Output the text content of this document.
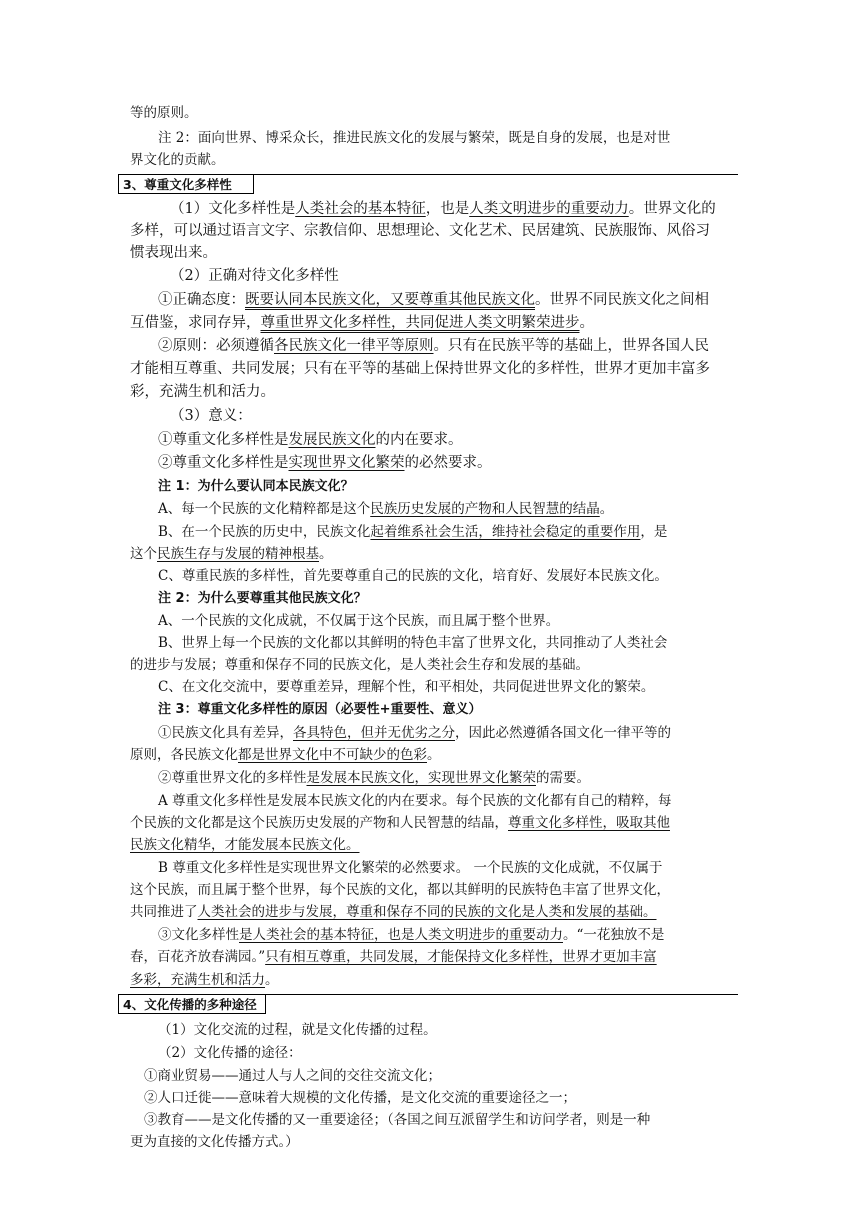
等的原则。
注 2：面向世界、博采众长，推进民族文化的发展与繁荣，既是自身的发展，也是对世
界文化的贡献。
3、尊重文化多样性
（1）文化多样性是人类社会的基本特征，也是人类文明进步的重要动力。世界文化的
多样，可以通过语言文字、宗教信仰、思想理论、文化艺术、民居建筑、民族服饰、风俗习
惯表现出来。
（2）正确对待文化多样性
①正确态度：既要认同本民族文化，又要尊重其他民族文化。世界不同民族文化之间相
互借鉴，求同存异，尊重世界文化多样性，共同促进人类文明繁荣进步。
②原则：必须遵循各民族文化一律平等原则。只有在民族平等的基础上，世界各国人民
才能相互尊重、共同发展；只有在平等的基础上保持世界文化的多样性，世界才更加丰富多
彩，充满生机和活力。
（3）意义：
①尊重文化多样性是发展民族文化的内在要求。
②尊重文化多样性是实现世界文化繁荣的必然要求。
注 1：为什么要认同本民族文化？
A、每一个民族的文化精粹都是这个民族历史发展的产物和人民智慧的结晶。
B、在一个民族的历史中，民族文化起着维系社会生活，维持社会稳定的重要作用，是
这个民族生存与发展的精神根基。
C、尊重民族的多样性，首先要尊重自己的民族的文化，培育好、发展好本民族文化。
注 2：为什么要尊重其他民族文化？
A、一个民族的文化成就，不仅属于这个民族，而且属于整个世界。
B、世界上每一个民族的文化都以其鲜明的特色丰富了世界文化，共同推动了人类社会
的进步与发展；尊重和保存不同的民族文化，是人类社会生存和发展的基础。
C、在文化交流中，要尊重差异，理解个性，和平相处，共同促进世界文化的繁荣。
注 3：尊重文化多样性的原因（必要性+重要性、意义）
①民族文化具有差异，各具特色，但并无优劣之分，因此必然遵循各国文化一律平等的
原则，各民族文化都是世界文化中不可缺少的色彩。
②尊重世界文化的多样性是发展本民族文化，实现世界文化繁荣的需要。
A 尊重文化多样性是发展本民族文化的内在要求。每个民族的文化都有自己的精粹，每
个民族的文化都是这个民族历史发展的产物和人民智慧的结晶，尊重文化多样性，吸取其他
民族文化精华，才能发展本民族文化。
B 尊重文化多样性是实现世界文化繁荣的必然要求。 一个民族的文化成就，不仅属于
这个民族，而且属于整个世界，每个民族的文化，都以其鲜明的民族特色丰富了世界文化，
共同推进了人类社会的进步与发展，尊重和保存不同的民族的文化是人类和发展的基础。
③文化多样性是人类社会的基本特征，也是人类文明进步的重要动力。“一花独放不是
春，百花齐放春满园。”只有相互尊重，共同发展，才能保持文化多样性，世界才更加丰富
多彩，充满生机和活力。
4、文化传播的多种途径
（1）文化交流的过程，就是文化传播的过程。
（2）文化传播的途径：
①商业贸易——通过人与人之间的交往交流文化；
②人口迁徙——意味着大规模的文化传播，是文化交流的重要途径之一；
③教育——是文化传播的又一重要途径；（各国之间互派留学生和访问学者，则是一种
更为直接的文化传播方式。）
